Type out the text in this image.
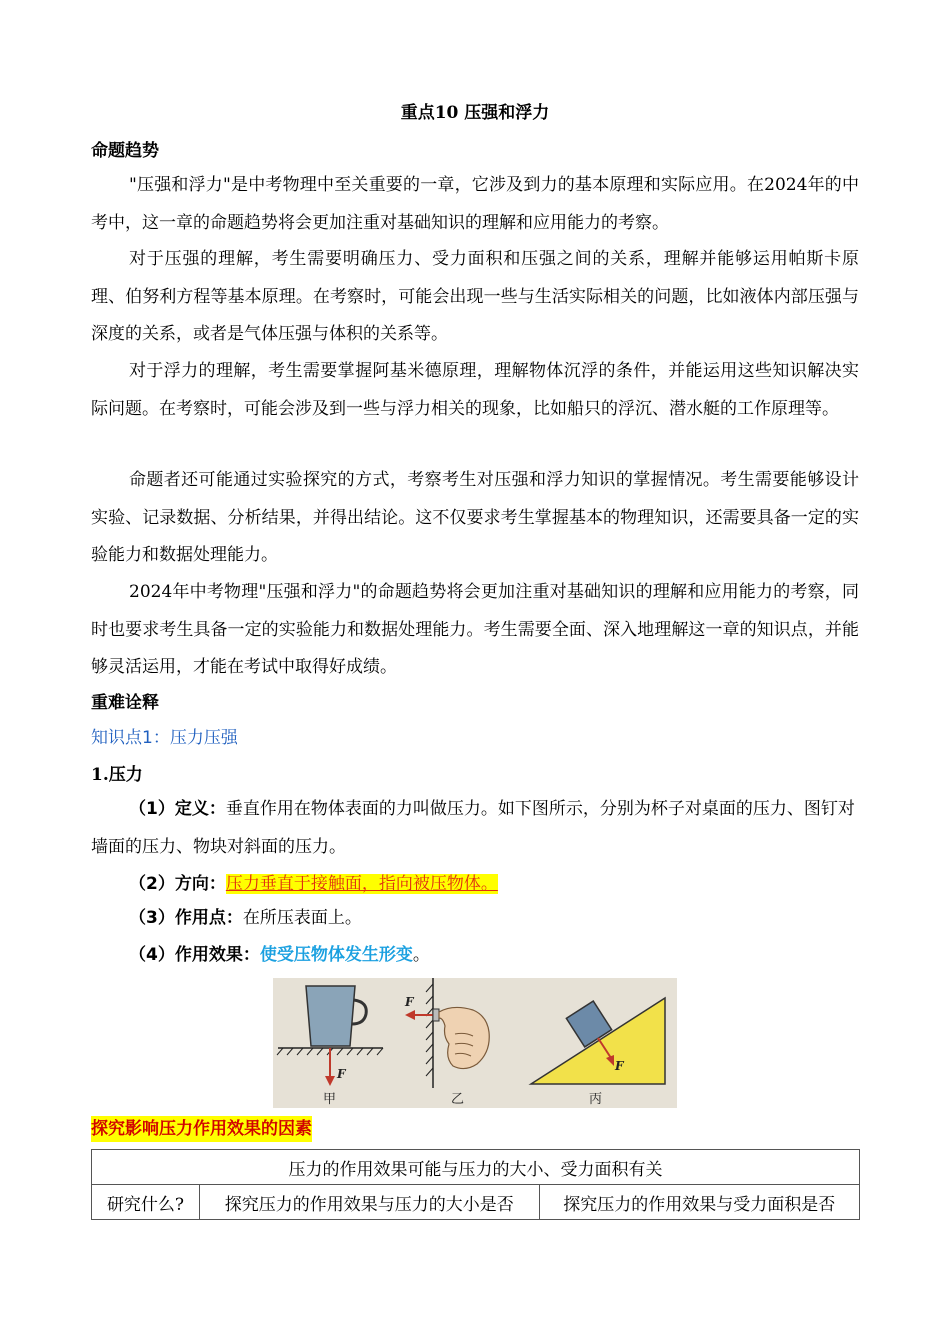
重点10 压强和浮力
命题趋势
"压强和浮力"是中考物理中至关重要的一章，它涉及到力的基本原理和实际应用。在2024年的中考中，这一章的命题趋势将会更加注重对基础知识的理解和应用能力的考察。
对于压强的理解，考生需要明确压力、受力面积和压强之间的关系，理解并能够运用帕斯卡原理、伯努利方程等基本原理。在考察时，可能会出现一些与生活实际相关的问题，比如液体内部压强与深度的关系，或者是气体压强与体积的关系等。
对于浮力的理解，考生需要掌握阿基米德原理，理解物体沉浮的条件，并能运用这些知识解决实际问题。在考察时，可能会涉及到一些与浮力相关的现象，比如船只的浮沉、潜水艇的工作原理等。
命题者还可能通过实验探究的方式，考察考生对压强和浮力知识的掌握情况。考生需要能够设计实验、记录数据、分析结果，并得出结论。这不仅要求考生掌握基本的物理知识，还需要具备一定的实验能力和数据处理能力。
2024年中考物理"压强和浮力"的命题趋势将会更加注重对基础知识的理解和应用能力的考察，同时也要求考生具备一定的实验能力和数据处理能力。考生需要全面、深入地理解这一章的知识点，并能够灵活运用，才能在考试中取得好成绩。
重难诠释
知识点1：压力压强
1.压力
（1）定义：垂直作用在物体表面的力叫做压力。如下图所示，分别为杯子对桌面的压力、图钉对墙面的压力、物块对斜面的压力。
（2）方向：压力垂直于接触面，指向被压物体。
（3）作用点：在所压表面上。
（4）作用效果：使受压物体发生形变。
F
甲
F
乙
F
丙
探究影响压力作用效果的因素
压力的作用效果可能与压力的大小、受力面积有关
研究什么?	探究压力的作用效果与压力的大小是否	探究压力的作用效果与受力面积是否
